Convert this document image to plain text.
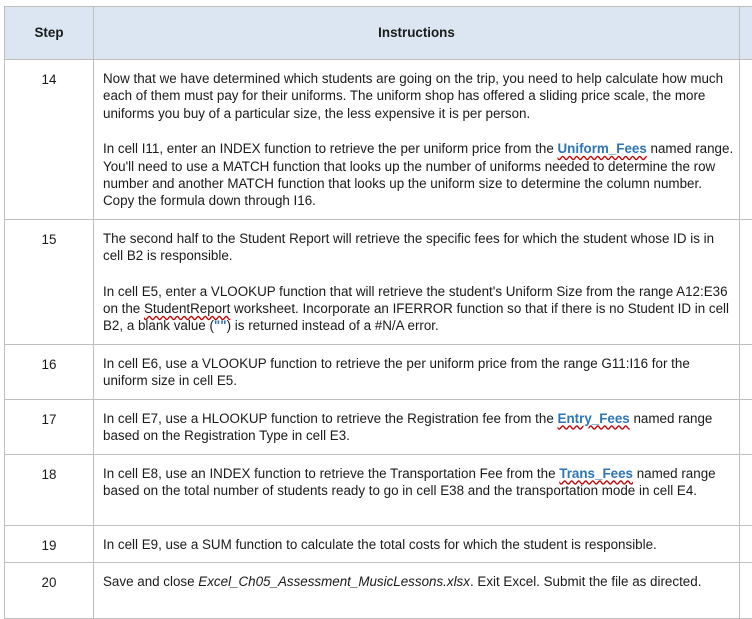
Step	Instructions	
14	Now that we have determined which students are going on the trip, you need to help calculate how much each of them must pay for their uniforms. The uniform shop has offered a sliding price scale, the more uniforms you buy of a particular size, the less expensive it is per person.

In cell I11, enter an INDEX function to retrieve the per uniform price from the Uniform_Fees named range. You'll need to use a MATCH function that looks up the number of uniforms needed to determine the row number and another MATCH function that looks up the uniform size to determine the column number. Copy the formula down through I16.	

15	The second half to the Student Report will retrieve the specific fees for which the student whose ID is in cell B2 is responsible.

In cell E5, enter a VLOOKUP function that will retrieve the student's Uniform Size from the range A12:E36 on the StudentReport worksheet. Incorporate an IFERROR function so that if there is no Student ID in cell B2, a blank value ("") is returned instead of a #N/A error.	

16	In cell E6, use a VLOOKUP function to retrieve the per uniform price from the range G11:I16 for the uniform size in cell E5.	

17	In cell E7, use a HLOOKUP function to retrieve the Registration fee from the Entry_Fees named range based on the Registration Type in cell E3.	

18	In cell E8, use an INDEX function to retrieve the Transportation Fee from the Trans_Fees named range based on the total number of students ready to go in cell E38 and the transportation mode in cell E4.	

19	In cell E9, use a SUM function to calculate the total costs for which the student is responsible.	

20	Save and close Excel_Ch05_Assessment_MusicLessons.xlsx. Exit Excel. Submit the file as directed.	
